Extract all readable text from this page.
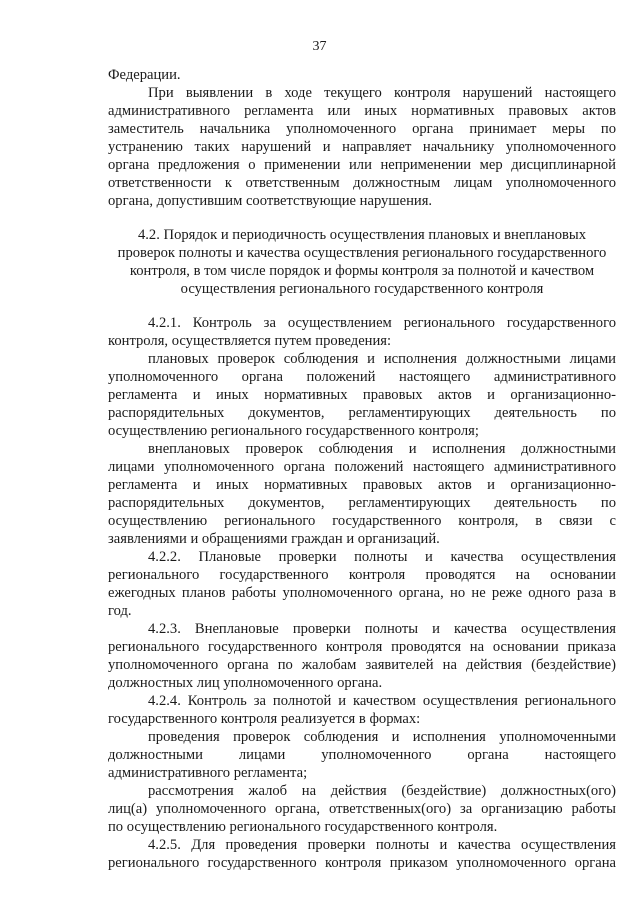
37
Федерации.
При выявлении в ходе текущего контроля нарушений настоящего
административного регламента или иных нормативных правовых актов
заместитель начальника уполномоченного органа принимает меры по
устранению таких нарушений и направляет начальнику уполномоченного
органа предложения о применении или неприменении мер дисциплинарной
ответственности к ответственным должностным лицам уполномоченного
органа, допустившим соответствующие нарушения.
4.2. Порядок и периодичность осуществления плановых и внеплановых
проверок полноты и качества осуществления регионального государственного
контроля, в том числе порядок и формы контроля за полнотой и качеством
осуществления регионального государственного контроля
4.2.1. Контроль за осуществлением регионального государственного
контроля, осуществляется путем проведения:
плановых проверок соблюдения и исполнения должностными лицами
уполномоченного органа положений настоящего административного
регламента и иных нормативных правовых актов и организационно-
распорядительных документов, регламентирующих деятельность по
осуществлению регионального государственного контроля;
внеплановых проверок соблюдения и исполнения должностными
лицами уполномоченного органа положений настоящего административного
регламента и иных нормативных правовых актов и организационно-
распорядительных документов, регламентирующих деятельность по
осуществлению регионального государственного контроля, в связи с
заявлениями и обращениями граждан и организаций.
4.2.2. Плановые проверки полноты и качества осуществления
регионального государственного контроля проводятся на основании
ежегодных планов работы уполномоченного органа, но не реже одного раза в
год.
4.2.3. Внеплановые проверки полноты и качества осуществления
регионального государственного контроля проводятся на основании приказа
уполномоченного органа по жалобам заявителей на действия (бездействие)
должностных лиц уполномоченного органа.
4.2.4. Контроль за полнотой и качеством осуществления регионального
государственного контроля реализуется в формах:
проведения проверок соблюдения и исполнения уполномоченными
должностными лицами уполномоченного органа настоящего
административного регламента;
рассмотрения жалоб на действия (бездействие) должностных(ого)
лиц(а) уполномоченного органа, ответственных(ого) за организацию работы
по осуществлению регионального государственного контроля.
4.2.5. Для проведения проверки полноты и качества осуществления
регионального государственного контроля приказом уполномоченного органа
